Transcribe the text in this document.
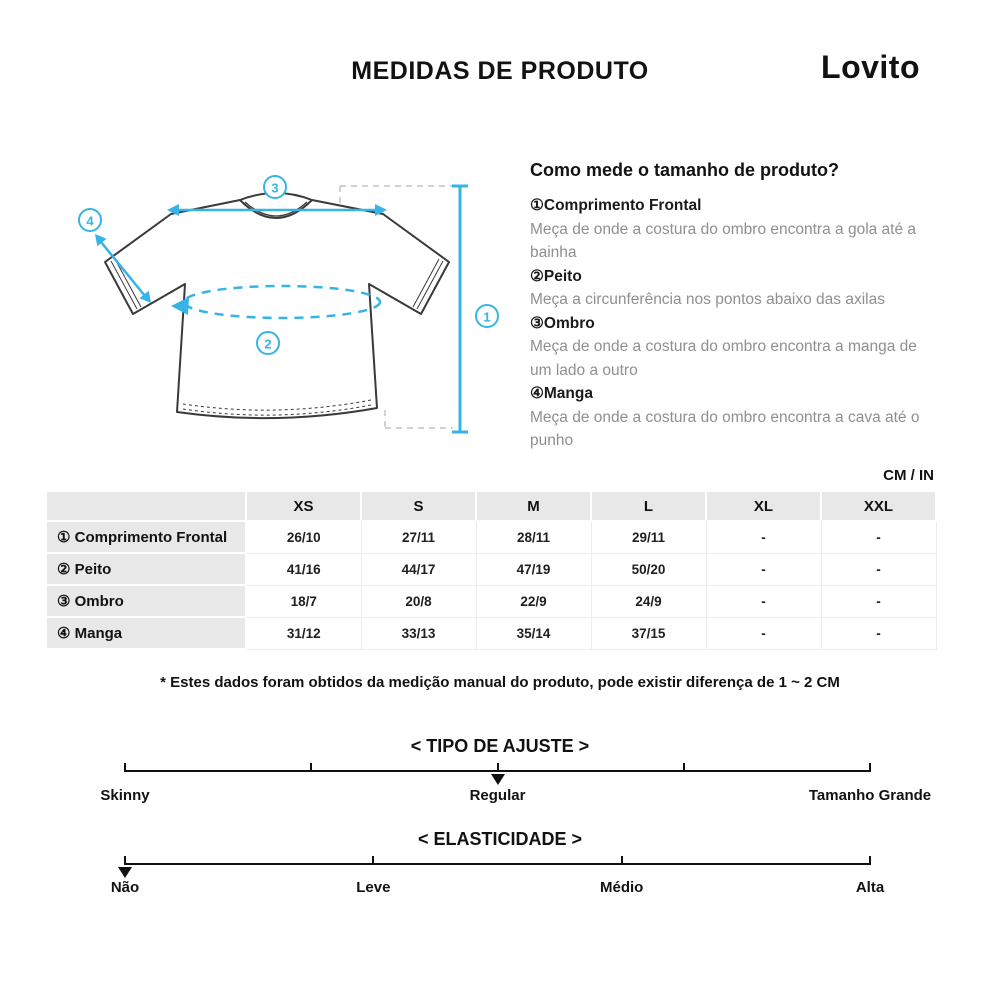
MEDIDAS DE PRODUTO	Lovito
3
4
2
1
Como mede o tamanho de produto?
①Comprimento Frontal
Meça de onde a costura do ombro encontra a gola até a bainha
②Peito
Meça a circunferência nos pontos abaixo das axilas
③Ombro
Meça de onde a costura do ombro encontra a manga de um lado a outro
④Manga
Meça de onde a costura do ombro encontra a cava até o punho
CM / IN
	XS	S	M	L	XL	XXL
① Comprimento Frontal	26/10	27/11	28/11	29/11	-	-
② Peito	41/16	44/17	47/19	50/20	-	-
③ Ombro	18/7	20/8	22/9	24/9	-	-
④ Manga	31/12	33/13	35/14	37/15	-	-
* Estes dados foram obtidos da medição manual do produto, pode existir diferença de 1 ~ 2 CM
< TIPO DE AJUSTE >
Skinny	Regular	Tamanho Grande
< ELASTICIDADE >
Não	Leve	Médio	Alta
